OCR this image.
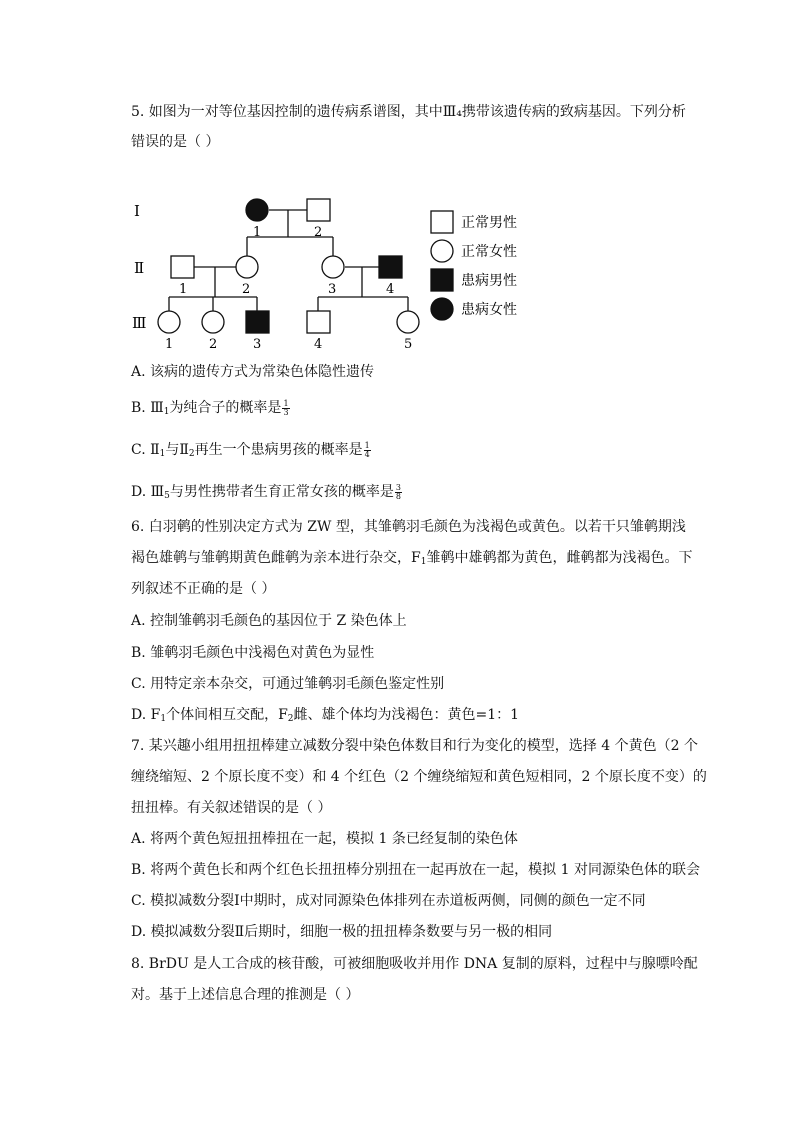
5. 如图为一对等位基因控制的遗传病系谱图，其中Ⅲ₄携带该遗传病的致病基因。下列分析
错误的是（ ）
Ⅰ
Ⅱ
Ⅲ
1	2
1	2	3	4
1	2	3	4	5
正常男性
正常女性
患病男性
患病女性
A. 该病的遗传方式为常染色体隐性遗传
B. $Ⅲ_1$为纯合子的概率是 $\frac{1}{3}$
C. $Ⅱ_1$与$Ⅱ_2$再生一个患病男孩的概率是 $\frac{1}{4}$
D. $Ⅲ_5$与男性携带者生育正常女孩的概率是 $\frac{3}{8}$
6. 白羽鹌的性别决定方式为 ZW 型，其雏鹌羽毛颜色为浅褐色或黄色。以若干只雏鹌期浅
褐色雄鹌与雏鹌期黄色雌鹌为亲本进行杂交，$F_1$雏鹌中雄鹌都为黄色，雌鹌都为浅褐色。下
列叙述不正确的是（ ）
A. 控制雏鹌羽毛颜色的基因位于 Z 染色体上
B. 雏鹌羽毛颜色中浅褐色对黄色为显性
C. 用特定亲本杂交，可通过雏鹌羽毛颜色鉴定性别
D. $F_1$个体间相互交配，$F_2$雌、雄个体均为浅褐色：黄色=1：1
7. 某兴趣小组用扭扭棒建立减数分裂中染色体数目和行为变化的模型，选择 4 个黄色（2 个
缠绕缩短、2 个原长度不变）和 4 个红色（2 个缠绕缩短和黄色短相同，2 个原长度不变）的
扭扭棒。有关叙述错误的是（ ）
A. 将两个黄色短扭扭棒扭在一起，模拟 1 条已经复制的染色体
B. 将两个黄色长和两个红色长扭扭棒分别扭在一起再放在一起，模拟 1 对同源染色体的联会
C. 模拟减数分裂Ⅰ中期时，成对同源染色体排列在赤道板两侧，同侧的颜色一定不同
D. 模拟减数分裂Ⅱ后期时，细胞一极的扭扭棒条数要与另一极的相同
8. BrDU 是人工合成的核苷酸，可被细胞吸收并用作 DNA 复制的原料，过程中与腺嘌呤配
对。基于上述信息合理的推测是（ ）
